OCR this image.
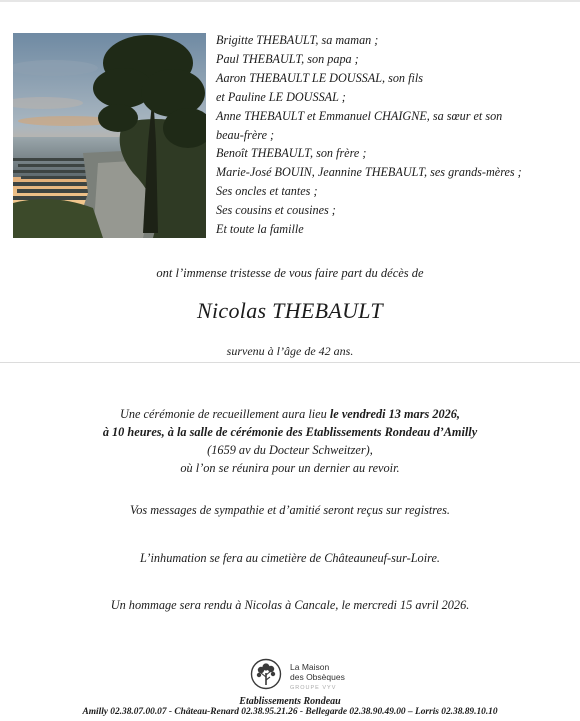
Brigitte THEBAULT, sa maman ;
Paul THEBAULT, son papa ;
Aaron THEBAULT LE DOUSSAL, son fils
et Pauline LE DOUSSAL ;
Anne THEBAULT et Emmanuel CHAIGNE, sa sœur et son
beau-frère ;
Benoît THEBAULT, son frère ;
Marie-José BOUIN, Jeannine THEBAULT, ses grands-mères ;
Ses oncles et tantes ;
Ses cousins et cousines ;
Et toute la famille
ont l’immense tristesse de vous faire part du décès de
Nicolas THEBAULT
survenu à l’âge de 42 ans.
Une cérémonie de recueillement aura lieu le vendredi 13 mars 2026,
à 10 heures, à la salle de cérémonie des Etablissements Rondeau d’Amilly
(1659 av du Docteur Schweitzer),
où l’on se réunira pour un dernier au revoir.
Vos messages de sympathie et d’amitié seront reçus sur registres.
L’inhumation se fera au cimetière de Châteauneuf-sur-Loire.
Un hommage sera rendu à Nicolas à Cancale, le mercredi 15 avril 2026.
La Maison
des Obsèques
GROUPE VYV
Etablissements Rondeau
Amilly 02.38.07.00.07 - Château-Renard 02.38.95.21.26 - Bellegarde 02.38.90.49.00 – Lorris 02.38.89.10.10
